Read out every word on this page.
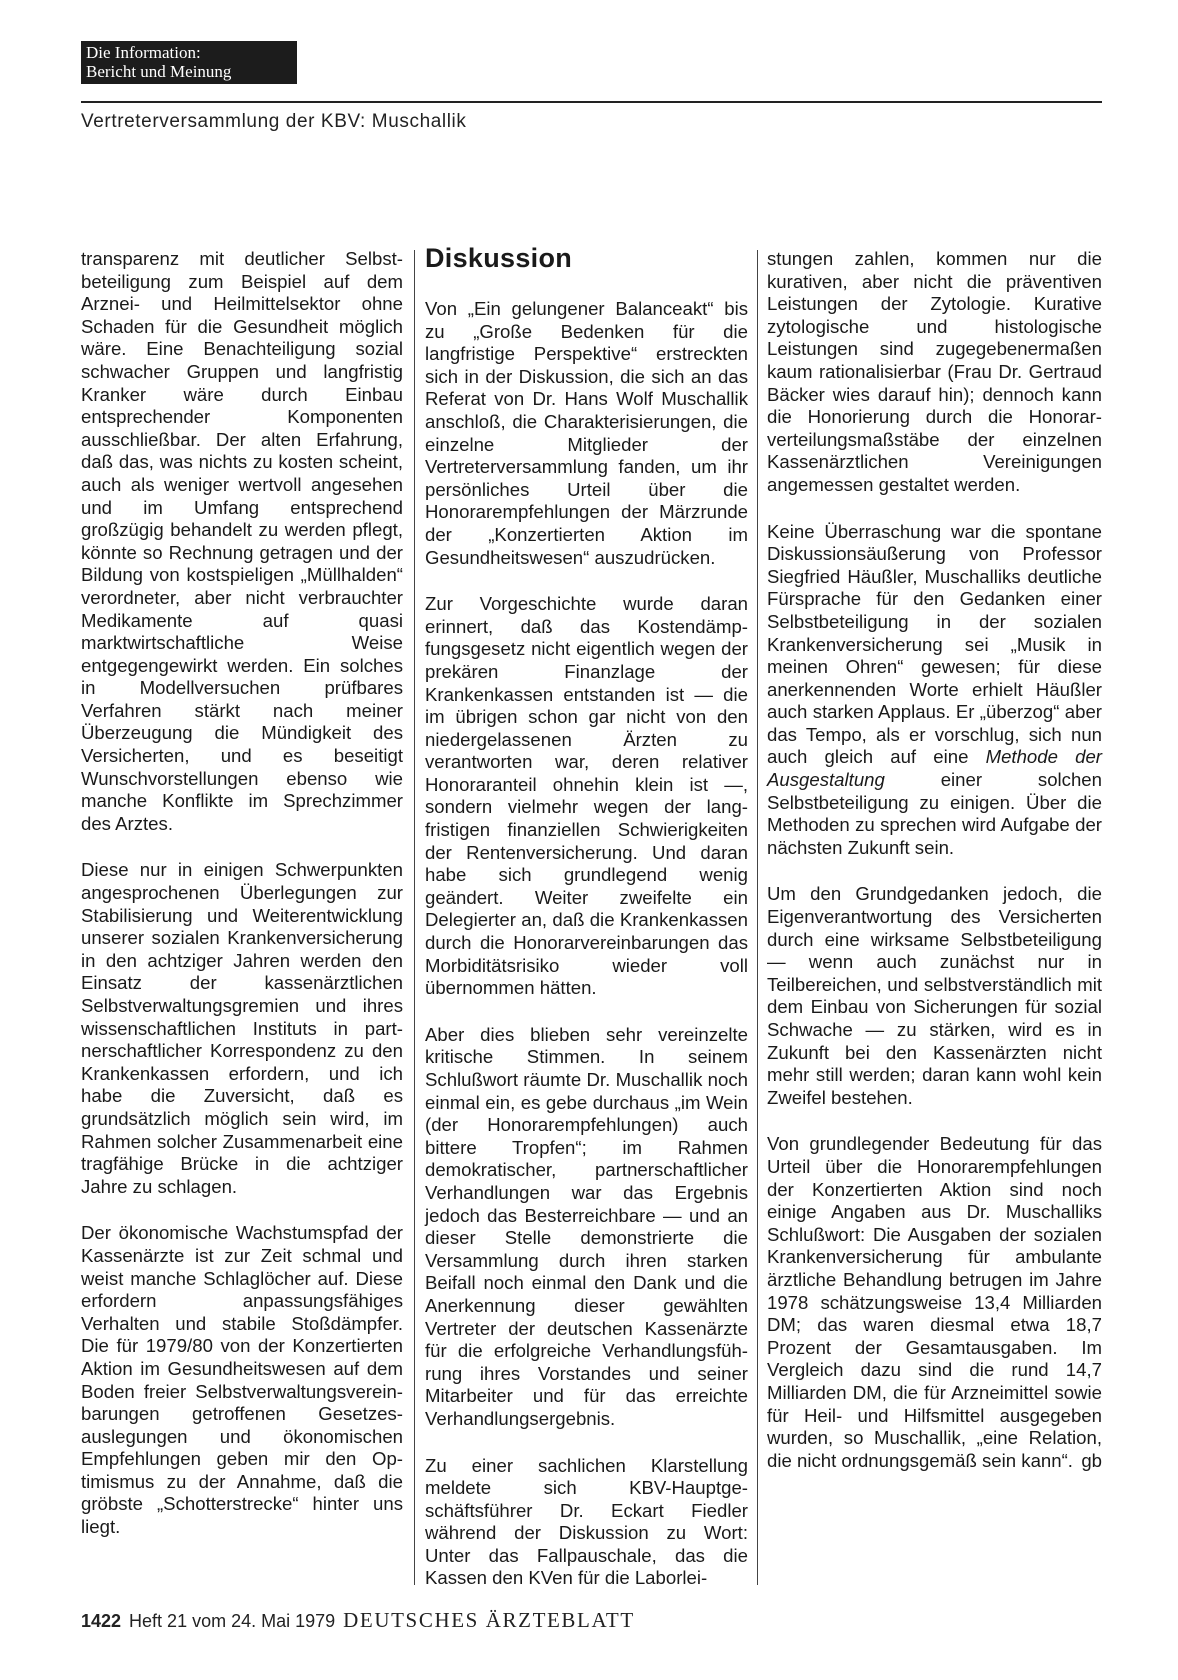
Die Information:
Bericht und Meinung
Vertreterversammlung der KBV: Muschallik

transparenz mit deutlicher Selbstbeteiligung zum Beispiel auf dem Arznei- und Heilmittelsektor ohne Schaden für die Gesundheit möglich wäre. Eine Benachteiligung sozial schwacher Gruppen und langfristig Kranker wäre durch Einbau entsprechender Komponenten ausschließbar. Der alten Erfahrung, daß das, was nichts zu kosten scheint, auch als weniger wertvoll angesehen und im Umfang entsprechend großzügig behandelt zu werden pflegt, könnte so Rechnung getragen und der Bildung von kostspieligen „Müllhalden“ verordneter, aber nicht verbrauchter Medikamente auf quasi marktwirtschaftliche Weise entgegengewirkt werden. Ein solches in Modellversuchen prüfbares Verfahren stärkt nach meiner Überzeugung die Mündigkeit des Versicherten, und es beseitigt Wunschvorstellungen ebenso wie manche Konflikte im Sprechzimmer des Arztes.

Diese nur in einigen Schwerpunkten angesprochenen Überlegungen zur Stabilisierung und Weiterentwicklung unserer sozialen Krankenversicherung in den achtziger Jahren werden den Einsatz der kassenärztlichen Selbstverwaltungsgremien und ihres wissenschaftlichen Instituts in partnerschaftlicher Korrespondenz zu den Krankenkassen erfordern, und ich habe die Zuversicht, daß es grundsätzlich möglich sein wird, im Rahmen solcher Zusammenarbeit eine tragfähige Brücke in die achtziger Jahre zu schlagen.

Der ökonomische Wachstumspfad der Kassenärzte ist zur Zeit schmal und weist manche Schlaglöcher auf. Diese erfordern anpassungsfähiges Verhalten und stabile Stoßdämpfer. Die für 1979/80 von der Konzertierten Aktion im Gesundheitswesen auf dem Boden freier Selbstverwaltungsvereinbarungen getroffenen Gesetzesauslegungen und ökonomischen Empfehlungen geben mir den Optimismus zu der Annahme, daß die gröbste „Schotterstrecke“ hinter uns liegt.

Diskussion

Von „Ein gelungener Balanceakt“ bis zu „Große Bedenken für die langfristige Perspektive“ erstreckten sich in der Diskussion, die sich an das Referat von Dr. Hans Wolf Muschallik anschloß, die Charakterisierungen, die einzelne Mitglieder der Vertreterversammlung fanden, um ihr persönliches Urteil über die Honorarempfehlungen der Märzrunde der „Konzertierten Aktion im Gesundheitswesen“ auszudrücken.

Zur Vorgeschichte wurde daran erinnert, daß das Kostendämpfungsgesetz nicht eigentlich wegen der prekären Finanzlage der Krankenkassen entstanden ist — die im übrigen schon gar nicht von den niedergelassenen Ärzten zu verantworten war, deren relativer Honoraranteil ohnehin klein ist —, sondern vielmehr wegen der langfristigen finanziellen Schwierigkeiten der Rentenversicherung. Und daran habe sich grundlegend wenig geändert. Weiter zweifelte ein Delegierter an, daß die Krankenkassen durch die Honorarvereinbarungen das Morbiditätsrisiko wieder voll übernommen hätten.

Aber dies blieben sehr vereinzelte kritische Stimmen. In seinem Schlußwort räumte Dr. Muschallik noch einmal ein, es gebe durchaus „im Wein (der Honorarempfehlungen) auch bittere Tropfen“; im Rahmen demokratischer, partnerschaftlicher Verhandlungen war das Ergebnis jedoch das Besterreichbare — und an dieser Stelle demonstrierte die Versammlung durch ihren starken Beifall noch einmal den Dank und die Anerkennung dieser gewählten Vertreter der deutschen Kassenärzte für die erfolgreiche Verhandlungsführung ihres Vorstandes und seiner Mitarbeiter und für das erreichte Verhandlungsergebnis.

Zu einer sachlichen Klarstellung meldete sich KBV-Hauptgeschäftsführer Dr. Eckart Fiedler während der Diskussion zu Wort: Unter das Fallpauschale, das die Kassen den KVen für die Laborlei-

stungen zahlen, kommen nur die kurativen, aber nicht die präventiven Leistungen der Zytologie. Kurative zytologische und histologische Leistungen sind zugegebenermaßen kaum rationalisierbar (Frau Dr. Gertraud Bäcker wies darauf hin); dennoch kann die Honorierung durch die Honorarverteilungsmaßstäbe der einzelnen Kassenärztlichen Vereinigungen angemessen gestaltet werden.

Keine Überraschung war die spontane Diskussionsäußerung von Professor Siegfried Häußler, Muschalliks deutliche Fürsprache für den Gedanken einer Selbstbeteiligung in der sozialen Krankenversicherung sei „Musik in meinen Ohren“ gewesen; für diese anerkennenden Worte erhielt Häußler auch starken Applaus. Er „überzog“ aber das Tempo, als er vorschlug, sich nun auch gleich auf eine Methode der Ausgestaltung einer solchen Selbstbeteiligung zu einigen. Über die Methoden zu sprechen wird Aufgabe der nächsten Zukunft sein.

Um den Grundgedanken jedoch, die Eigenverantwortung des Versicherten durch eine wirksame Selbstbeteiligung — wenn auch zunächst nur in Teilbereichen, und selbstverständlich mit dem Einbau von Sicherungen für sozial Schwache — zu stärken, wird es in Zukunft bei den Kassenärzten nicht mehr still werden; daran kann wohl kein Zweifel bestehen.

Von grundlegender Bedeutung für das Urteil über die Honorarempfehlungen der Konzertierten Aktion sind noch einige Angaben aus Dr. Muschalliks Schlußwort: Die Ausgaben der sozialen Krankenversicherung für ambulante ärztliche Behandlung betrugen im Jahre 1978 schätzungsweise 13,4 Milliarden DM; das waren diesmal etwa 18,7 Prozent der Gesamtausgaben. Im Vergleich dazu sind die rund 14,7 Milliarden DM, die für Arzneimittel sowie für Heil- und Hilfsmittel ausgegeben wurden, so Muschallik, „eine Relation, die nicht ordnungsgemäß sein kann“. gb

1422 Heft 21 vom 24. Mai 1979 DEUTSCHES ÄRZTEBLATT
